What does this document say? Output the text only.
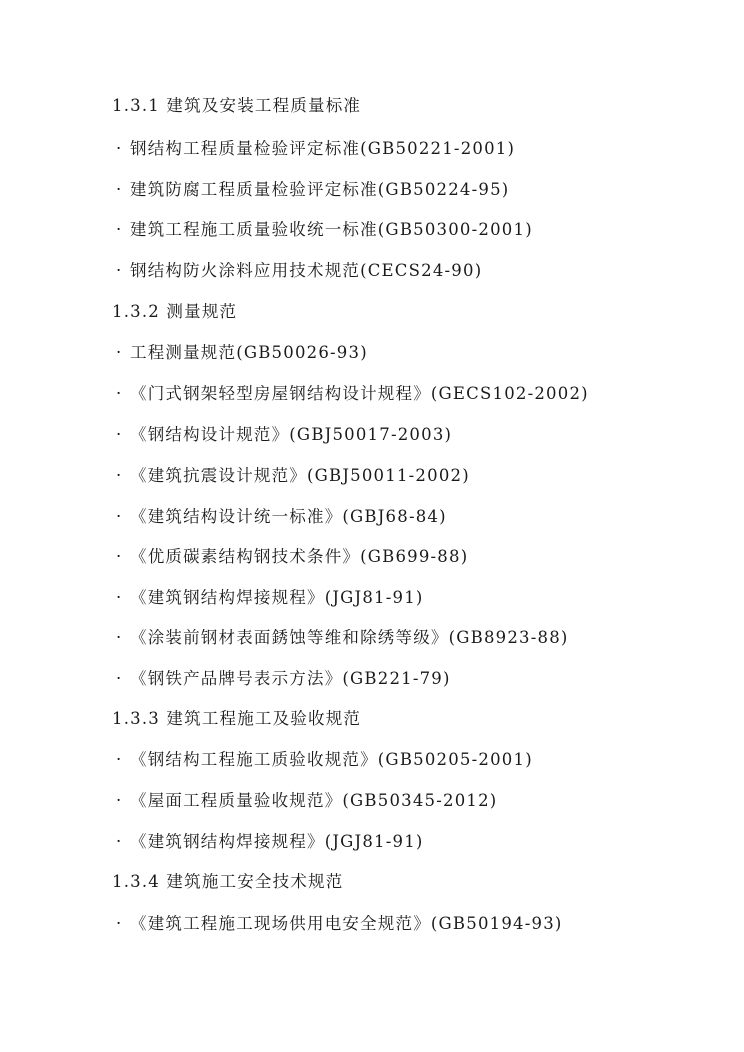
1.3.1 建筑及安装工程质量标准
· 钢结构工程质量检验评定标准(GB50221-2001)
· 建筑防腐工程质量检验评定标准(GB50224-95)
· 建筑工程施工质量验收统一标准(GB50300-2001)
· 钢结构防火涂料应用技术规范(CECS24-90)
1.3.2 测量规范
· 工程测量规范(GB50026-93)
· 《门式钢架轻型房屋钢结构设计规程》(GECS102-2002)
· 《钢结构设计规范》(GBJ50017-2003)
· 《建筑抗震设计规范》(GBJ50011-2002)
· 《建筑结构设计统一标准》(GBJ68-84)
· 《优质碳素结构钢技术条件》(GB699-88)
· 《建筑钢结构焊接规程》(JGJ81-91)
· 《涂装前钢材表面銹蚀等维和除绣等级》(GB8923-88)
· 《钢铁产品牌号表示方法》(GB221-79)
1.3.3 建筑工程施工及验收规范
· 《钢结构工程施工质验收规范》(GB50205-2001)
· 《屋面工程质量验收规范》(GB50345-2012)
· 《建筑钢结构焊接规程》(JGJ81-91)
1.3.4 建筑施工安全技术规范
· 《建筑工程施工现场供用电安全规范》(GB50194-93)
